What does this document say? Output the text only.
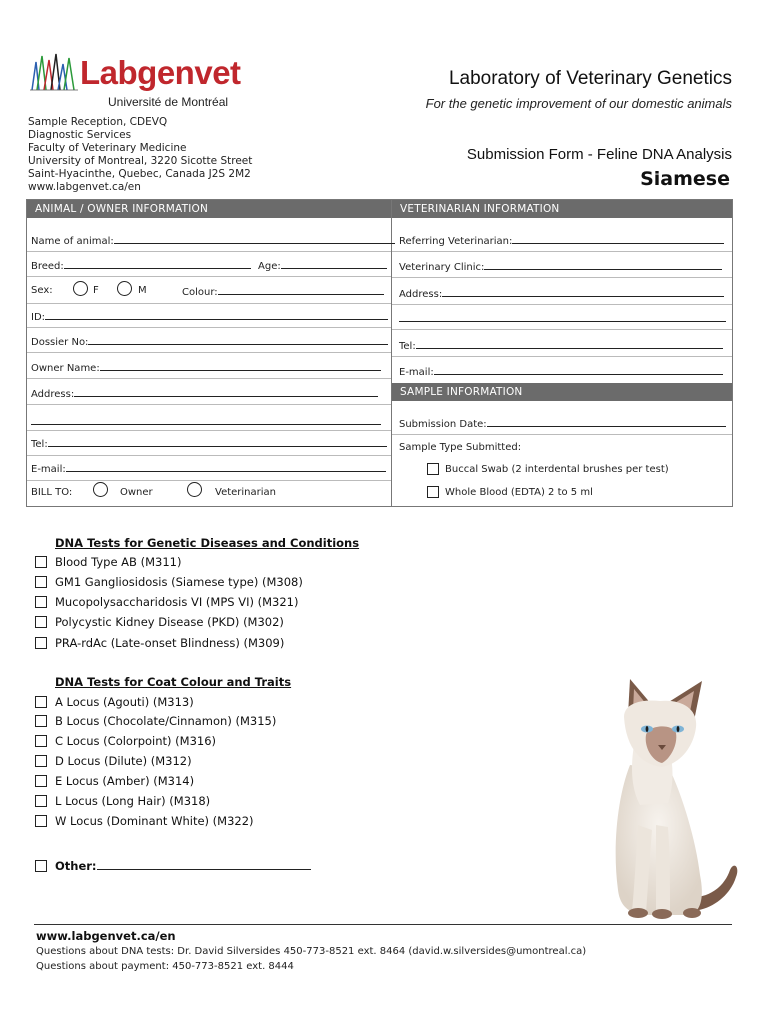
Labgenvet
Université de Montréal
Laboratory of Veterinary Genetics
For the genetic improvement of our domestic animals
Sample Reception, CDEVQ
Diagnostic Services
Faculty of Veterinary Medicine
University of Montreal, 3220 Sicotte Street
Saint-Hyacinthe, Quebec, Canada J2S 2M2
www.labgenvet.ca/en
Submission Form - Feline DNA Analysis
Siamese
ANIMAL / OWNER INFORMATION	VETERINARIAN INFORMATION
Name of animal:
Breed:	Age:
Sex:	F	M	Colour:
ID:
Dossier No:
Owner Name:
Address:
Tel:
E-mail:
BILL TO:	Owner	Veterinarian
Referring Veterinarian:
Veterinary Clinic:
Address:
Tel:
E-mail:
SAMPLE INFORMATION
Submission Date:
Sample Type Submitted:
Buccal Swab (2 interdental brushes per test)
Whole Blood (EDTA) 2 to 5 ml
DNA Tests for Genetic Diseases and Conditions
Blood Type AB (M311)
GM1 Gangliosidosis (Siamese type) (M308)
Mucopolysaccharidosis VI (MPS VI) (M321)
Polycystic Kidney Disease (PKD) (M302)
PRA-rdAc (Late-onset Blindness) (M309)
DNA Tests for Coat Colour and Traits
A Locus (Agouti) (M313)
B Locus (Chocolate/Cinnamon) (M315)
C Locus (Colorpoint) (M316)
D Locus (Dilute) (M312)
E Locus (Amber) (M314)
L Locus (Long Hair) (M318)
W Locus (Dominant White) (M322)
Other:
www.labgenvet.ca/en
Questions about DNA tests: Dr. David Silversides 450-773-8521 ext. 8464 (david.w.silversides@umontreal.ca)
Questions about payment: 450-773-8521 ext. 8444
